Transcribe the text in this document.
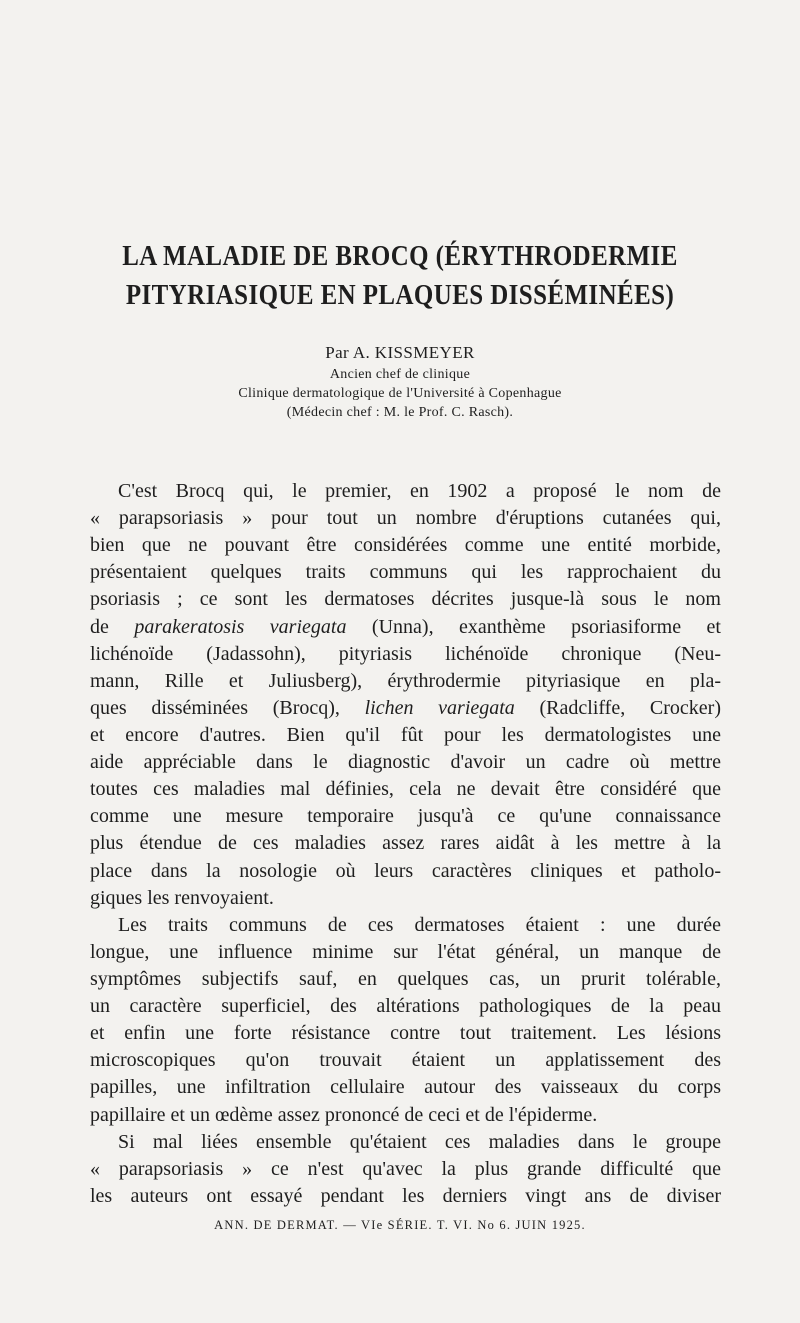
LA MALADIE DE BROCQ (ÉRYTHRODERMIE
PITYRIASIQUE EN PLAQUES DISSÉMINÉES)
Par A. KISSMEYER
Ancien chef de clinique
Clinique dermatologique de l'Université à Copenhague
(Médecin chef : M. le Prof. C. Rasch).
C'est Brocq qui, le premier, en 1902 a proposé le nom de
« parapsoriasis » pour tout un nombre d'éruptions cutanées qui,
bien que ne pouvant être considérées comme une entité morbide,
présentaient quelques traits communs qui les rapprochaient du
psoriasis ; ce sont les dermatoses décrites jusque-là sous le nom
de parakeratosis variegata (Unna), exanthème psoriasiforme et
lichénoïde (Jadassohn), pityriasis lichénoïde chronique (Neu-
mann, Rille et Juliusberg), érythrodermie pityriasique en pla-
ques disséminées (Brocq), lichen variegata (Radcliffe, Crocker)
et encore d'autres. Bien qu'il fût pour les dermatologistes une
aide appréciable dans le diagnostic d'avoir un cadre où mettre
toutes ces maladies mal définies, cela ne devait être considéré que
comme une mesure temporaire jusqu'à ce qu'une connaissance
plus étendue de ces maladies assez rares aidât à les mettre à la
place dans la nosologie où leurs caractères cliniques et patholo-
giques les renvoyaient.
Les traits communs de ces dermatoses étaient : une durée
longue, une influence minime sur l'état général, un manque de
symptômes subjectifs sauf, en quelques cas, un prurit tolérable,
un caractère superficiel, des altérations pathologiques de la peau
et enfin une forte résistance contre tout traitement. Les lésions
microscopiques qu'on trouvait étaient un applatissement des
papilles, une infiltration cellulaire autour des vaisseaux du corps
papillaire et un œdème assez prononcé de ceci et de l'épiderme.
Si mal liées ensemble qu'étaient ces maladies dans le groupe
« parapsoriasis » ce n'est qu'avec la plus grande difficulté que
les auteurs ont essayé pendant les derniers vingt ans de diviser
ANN. DE DERMAT. — VIe SÉRIE. T. VI. No 6. JUIN 1925.
